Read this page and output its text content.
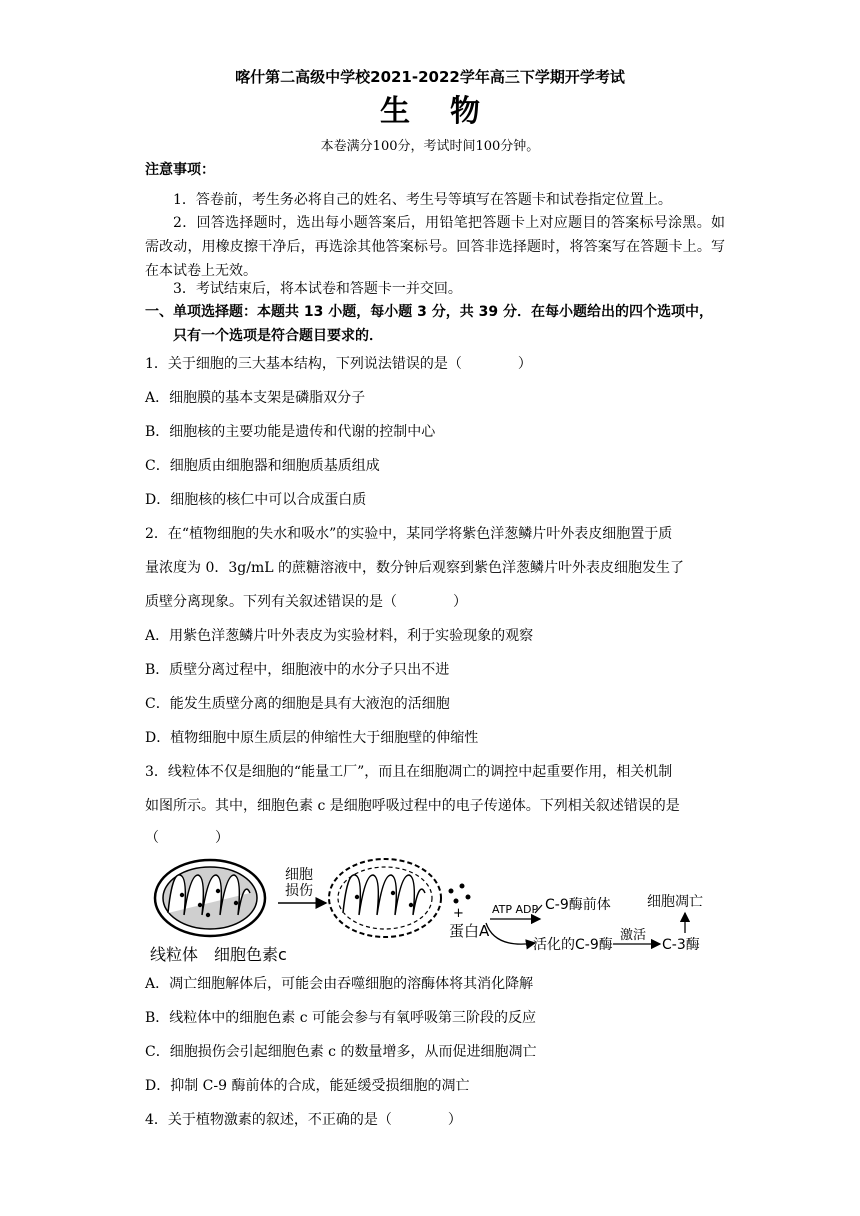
喀什第二高级中学校2021-2022学年高三下学期开学考试
生物
本卷满分100分，考试时间100分钟。
注意事项：
1．答卷前，考生务必将自己的姓名、考生号等填写在答题卡和试卷指定位置上。
2．回答选择题时，选出每小题答案后，用铅笔把答题卡上对应题目的答案标号涂黑。如需改动，用橡皮擦干净后，再选涂其他答案标号。回答非选择题时，将答案写在答题卡上。写在本试卷上无效。
3．考试结束后，将本试卷和答题卡一并交回。
一、单项选择题：本题共 13 小题，每小题 3 分，共 39 分．在每小题给出的四个选项中，只有一个选项是符合题目要求的．
1．关于细胞的三大基本结构，下列说法错误的是（　　　　）
A．细胞膜的基本支架是磷脂双分子
B．细胞核的主要功能是遗传和代谢的控制中心
C．细胞质由细胞器和细胞质基质组成
D．细胞核的核仁中可以合成蛋白质
2．在“植物细胞的失水和吸水”的实验中，某同学将紫色洋葱鳞片叶外表皮细胞置于质
量浓度为 0．3g/mL 的蔗糖溶液中，数分钟后观察到紫色洋葱鳞片叶外表皮细胞发生了
质壁分离现象。下列有关叙述错误的是（　　　　）
A．用紫色洋葱鳞片叶外表皮为实验材料，利于实验现象的观察
B．质壁分离过程中，细胞液中的水分子只出不进
C．能发生质壁分离的细胞是具有大液泡的活细胞
D．植物细胞中原生质层的伸缩性大于细胞壁的伸缩性
3．线粒体不仅是细胞的“能量工厂”，而且在细胞凋亡的调控中起重要作用，相关机制
如图所示。其中，细胞色素 c 是细胞呼吸过程中的电子传递体。下列相关叙述错误的是
（　　　　）
细胞
损伤
+
蛋白A
ATP ADP C-9酶前体
活化的C-9酶
激活
C-3酶
细胞凋亡
线粒体 细胞色素c
A．凋亡细胞解体后，可能会由吞噬细胞的溶酶体将其消化降解
B．线粒体中的细胞色素 c 可能会参与有氧呼吸第三阶段的反应
C．细胞损伤会引起细胞色素 c 的数量增多，从而促进细胞凋亡
D．抑制 C-9 酶前体的合成，能延缓受损细胞的凋亡
4．关于植物激素的叙述，不正确的是（　　　　）
